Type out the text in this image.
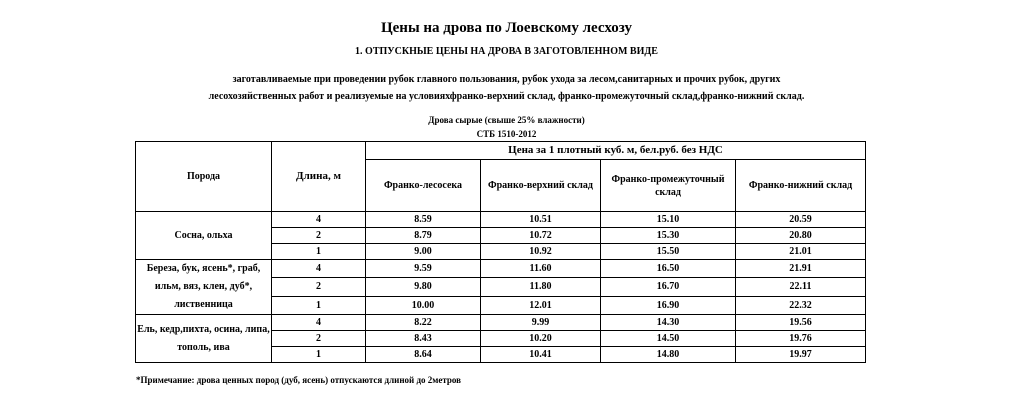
Цены на дрова по Лоевскому лесхозу
1. ОТПУСКНЫЕ ЦЕНЫ НА ДРОВА В ЗАГОТОВЛЕННОМ ВИДЕ
заготавливаемые при проведении рубок главного пользования, рубок ухода за лесом,санитарных и прочих рубок, других
лесохозяйственных работ и реализуемые на условияхфранко-верхний склад, франко-промежуточный склад,франко-нижний склад.
Дрова сырые (свыше 25% влажности)
СТБ 1510-2012
Порода	Длина, м	Цена за 1 плотный куб. м, бел.руб. без НДС			
		Франко-лесосека	Франко-верхний склад	Франко-промежуточный склад	Франко-нижний склад
Сосна, ольха	4	8.59	10.51	15.10	20.59
	2	8.79	10.72	15.30	20.80
	1	9.00	10.92	15.50	21.01
Береза, бук, ясень*, граб, ильм, вяз, клен, дуб*, лиственница	4	9.59	11.60	16.50	21.91
	2	9.80	11.80	16.70	22.11
	1	10.00	12.01	16.90	22.32
Ель, кедр,пихта, осина, липа, тополь, ива	4	8.22	9.99	14.30	19.56
	2	8.43	10.20	14.50	19.76
	1	8.64	10.41	14.80	19.97
*Примечание: дрова ценных пород (дуб, ясень) отпускаются длиной до 2метров
